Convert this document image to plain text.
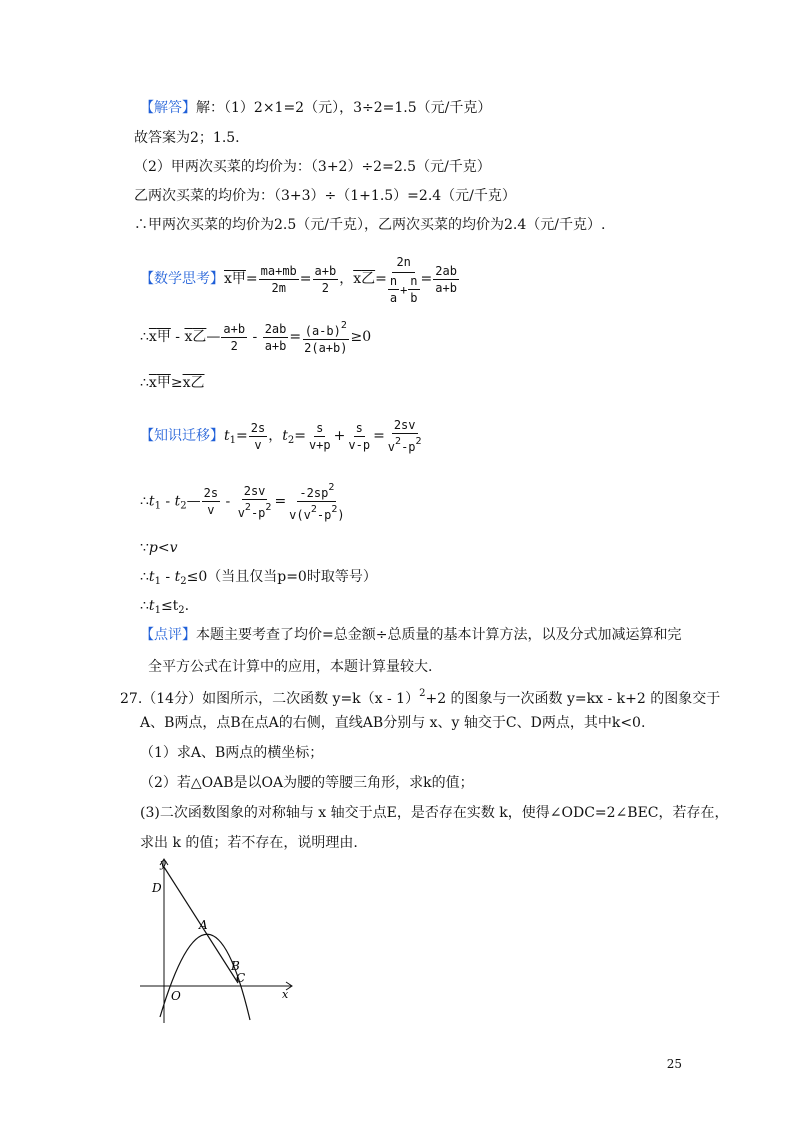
【解答】解：（1）2×1=2（元），3÷2=1.5（元/千克）
故答案为2；1.5.
（2）甲两次买菜的均价为：（3+2）÷2=2.5（元/千克）
乙两次买菜的均价为：（3+3）÷（1+1.5）=2.4（元/千克）
∴甲两次买菜的均价为2.5（元/千克），乙两次买菜的均价为2.4（元/千克）.
【数学思考】x甲= $\frac{ma+mb}{2m} = \frac{a+b}{2}$ ，x乙= $\frac{2n}{\frac{n}{a} + \frac{n}{b}} = \frac{2ab}{a+b}$
∴x甲 - x乙— $\frac{a+b}{2} - \frac{2ab}{a+b} = \frac{(a-b)^2}{2(a+b)} \ge 0$
∴x甲≥x乙
【知识迁移】$t_1= \frac{2s}{v}$ ，$t_2= \frac{s}{v+p} + \frac{s}{v-p} = \frac{2sv}{v^2-p^2}$
$\therefore t_1$ - $t_2— \frac{2s}{v} - \frac{2sv}{v^2-p^2} = \frac{-2sp^2}{v(v^2-p^2)}$
∵p<v
$\therefore t_1 - t_2\le 0$（当且仅当p=0时取等号）
$\therefore t_1\le t_2$.
【点评】本题主要考查了均价=总金额÷总质量的基本计算方法，以及分式加减运算和完
全平方公式在计算中的应用，本题计算量较大.
27.（14分）如图所示，二次函数 y=k（x - 1）$^2$+2 的图象与一次函数 y=kx - k+2 的图象交于
A、B两点，点B在点A的右侧，直线AB分别与 x、y 轴交于C、D两点，其中k<0.
（1）求A、B两点的横坐标；
（2）若△OAB是以OA为腰的等腰三角形，求k的值；
(3)二次函数图象的对称轴与 x 轴交于点E，是否存在实数 k，使得∠ODC=2∠BEC，若存在，
求出 k 的值；若不存在，说明理由.
y
x
O
D
A
B
C
25
